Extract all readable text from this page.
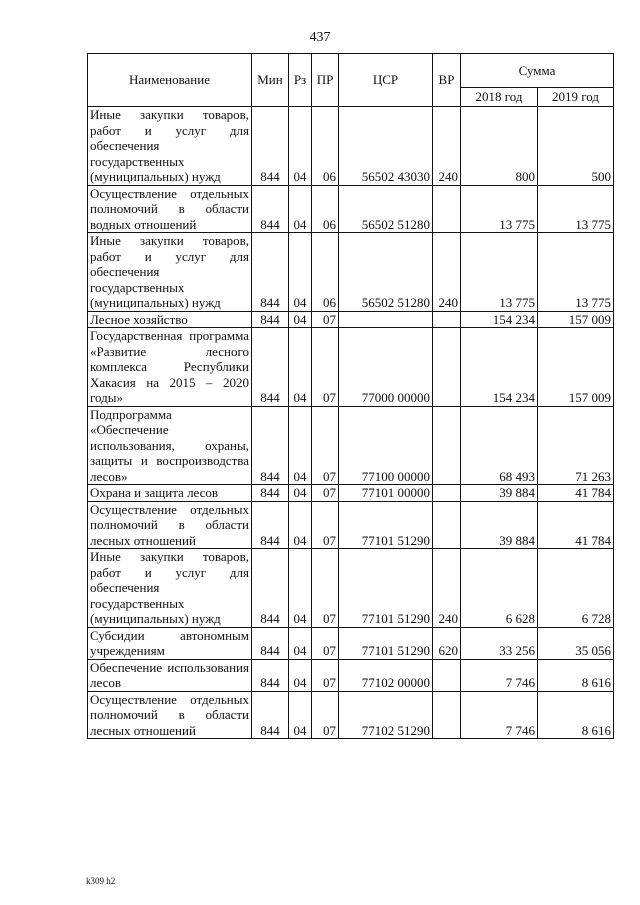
437
Наименование	Мин	Рз	ПР	ЦСР	ВР	Сумма	
						2018 год	2019 год
Иные закупки товаров, работ и услуг для обеспечения государственных (муниципальных) нужд	844	04	06	56502 43030	240	800	500
Осуществление отдельных полномочий в области водных отношений	844	04	06	56502 51280		13 775	13 775
Иные закупки товаров, работ и услуг для обеспечения государственных (муниципальных) нужд	844	04	06	56502 51280	240	13 775	13 775
Лесное хозяйство	844	04	07			154 234	157 009
Государственная программа «Развитие лесного комплекса Республики Хакасия на 2015 – 2020 годы»	844	04	07	77000 00000		154 234	157 009
Подпрограмма «Обеспечение использования, охраны, защиты и воспроизводства лесов»	844	04	07	77100 00000		68 493	71 263
Охрана и защита лесов	844	04	07	77101 00000		39 884	41 784
Осуществление отдельных полномочий в области лесных отношений	844	04	07	77101 51290		39 884	41 784
Иные закупки товаров, работ и услуг для обеспечения государственных (муниципальных) нужд	844	04	07	77101 51290	240	6 628	6 728
Субсидии автономным учреждениям	844	04	07	77101 51290	620	33 256	35 056
Обеспечение использования лесов	844	04	07	77102 00000		7 746	8 616
Осуществление отдельных полномочий в области лесных отношений	844	04	07	77102 51290		7 746	8 616
k309 h2
